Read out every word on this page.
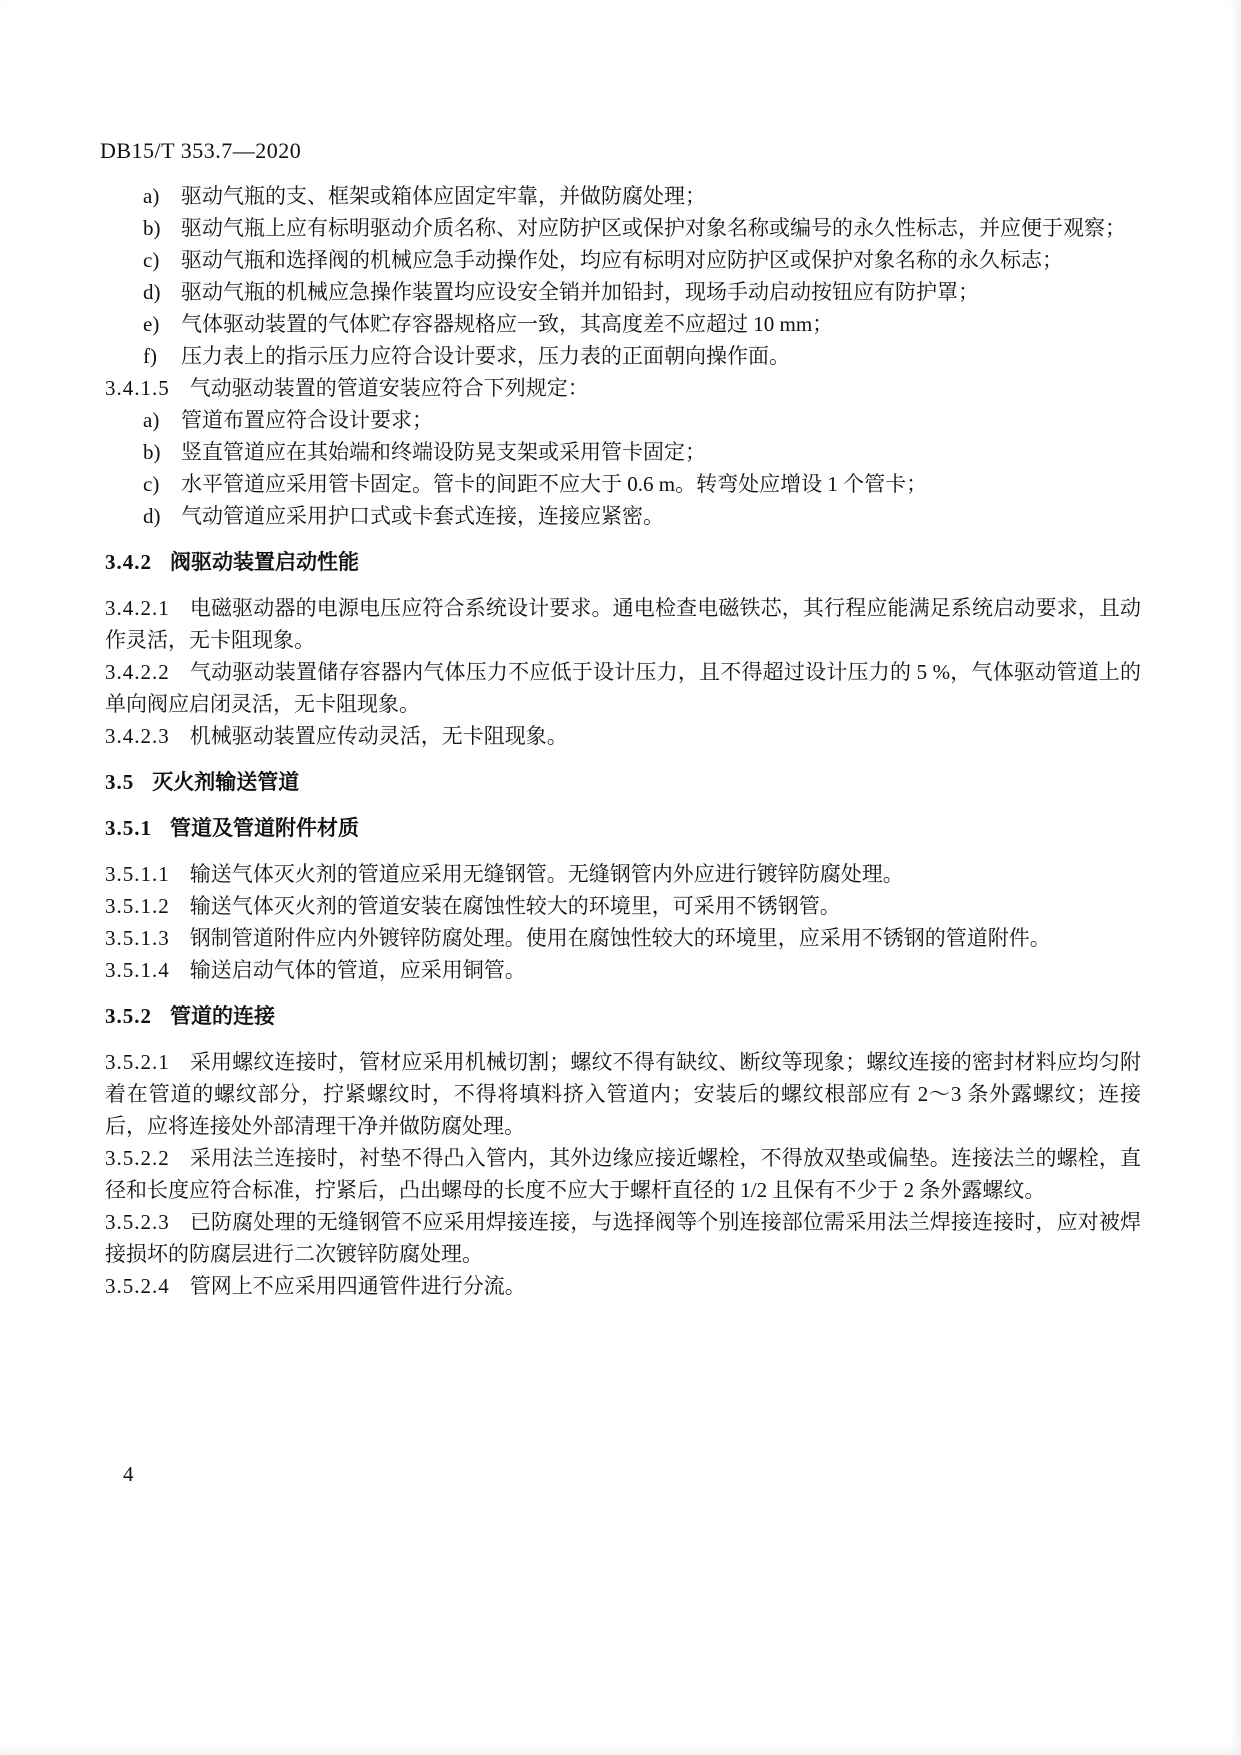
DB15/T 353.7—2020

a) 驱动气瓶的支、框架或箱体应固定牢靠，并做防腐处理；

b) 驱动气瓶上应有标明驱动介质名称、对应防护区或保护对象名称或编号的永久性标志，并应便于观察；

c) 驱动气瓶和选择阀的机械应急手动操作处，均应有标明对应防护区或保护对象名称的永久标志；

d) 驱动气瓶的机械应急操作装置均应设安全销并加铅封，现场手动启动按钮应有防护罩；

e) 气体驱动装置的气体贮存容器规格应一致，其高度差不应超过 10 mm；

f) 压力表上的指示压力应符合设计要求，压力表的正面朝向操作面。

3.4.1.5 气动驱动装置的管道安装应符合下列规定：

a) 管道布置应符合设计要求；

b) 竖直管道应在其始端和终端设防晃支架或采用管卡固定；

c) 水平管道应采用管卡固定。管卡的间距不应大于 0.6 m。转弯处应增设 1 个管卡；

d) 气动管道应采用护口式或卡套式连接，连接应紧密。

3.4.2 阀驱动装置启动性能

3.4.2.1 电磁驱动器的电源电压应符合系统设计要求。通电检查电磁铁芯，其行程应能满足系统启动要求，且动作灵活，无卡阻现象。

3.4.2.2 气动驱动装置储存容器内气体压力不应低于设计压力，且不得超过设计压力的 5 %，气体驱动管道上的单向阀应启闭灵活，无卡阻现象。

3.4.2.3 机械驱动装置应传动灵活，无卡阻现象。

3.5 灭火剂输送管道

3.5.1 管道及管道附件材质

3.5.1.1 输送气体灭火剂的管道应采用无缝钢管。无缝钢管内外应进行镀锌防腐处理。

3.5.1.2 输送气体灭火剂的管道安装在腐蚀性较大的环境里，可采用不锈钢管。

3.5.1.3 钢制管道附件应内外镀锌防腐处理。使用在腐蚀性较大的环境里，应采用不锈钢的管道附件。

3.5.1.4 输送启动气体的管道，应采用铜管。

3.5.2 管道的连接

3.5.2.1 采用螺纹连接时，管材应采用机械切割；螺纹不得有缺纹、断纹等现象；螺纹连接的密封材料应均匀附着在管道的螺纹部分，拧紧螺纹时，不得将填料挤入管道内；安装后的螺纹根部应有 2～3 条外露螺纹；连接后，应将连接处外部清理干净并做防腐处理。

3.5.2.2 采用法兰连接时，衬垫不得凸入管内，其外边缘应接近螺栓，不得放双垫或偏垫。连接法兰的螺栓，直径和长度应符合标准，拧紧后，凸出螺母的长度不应大于螺杆直径的 1/2 且保有不少于 2 条外露螺纹。

3.5.2.3 已防腐处理的无缝钢管不应采用焊接连接，与选择阀等个别连接部位需采用法兰焊接连接时，应对被焊接损坏的防腐层进行二次镀锌防腐处理。

3.5.2.4 管网上不应采用四通管件进行分流。

4
